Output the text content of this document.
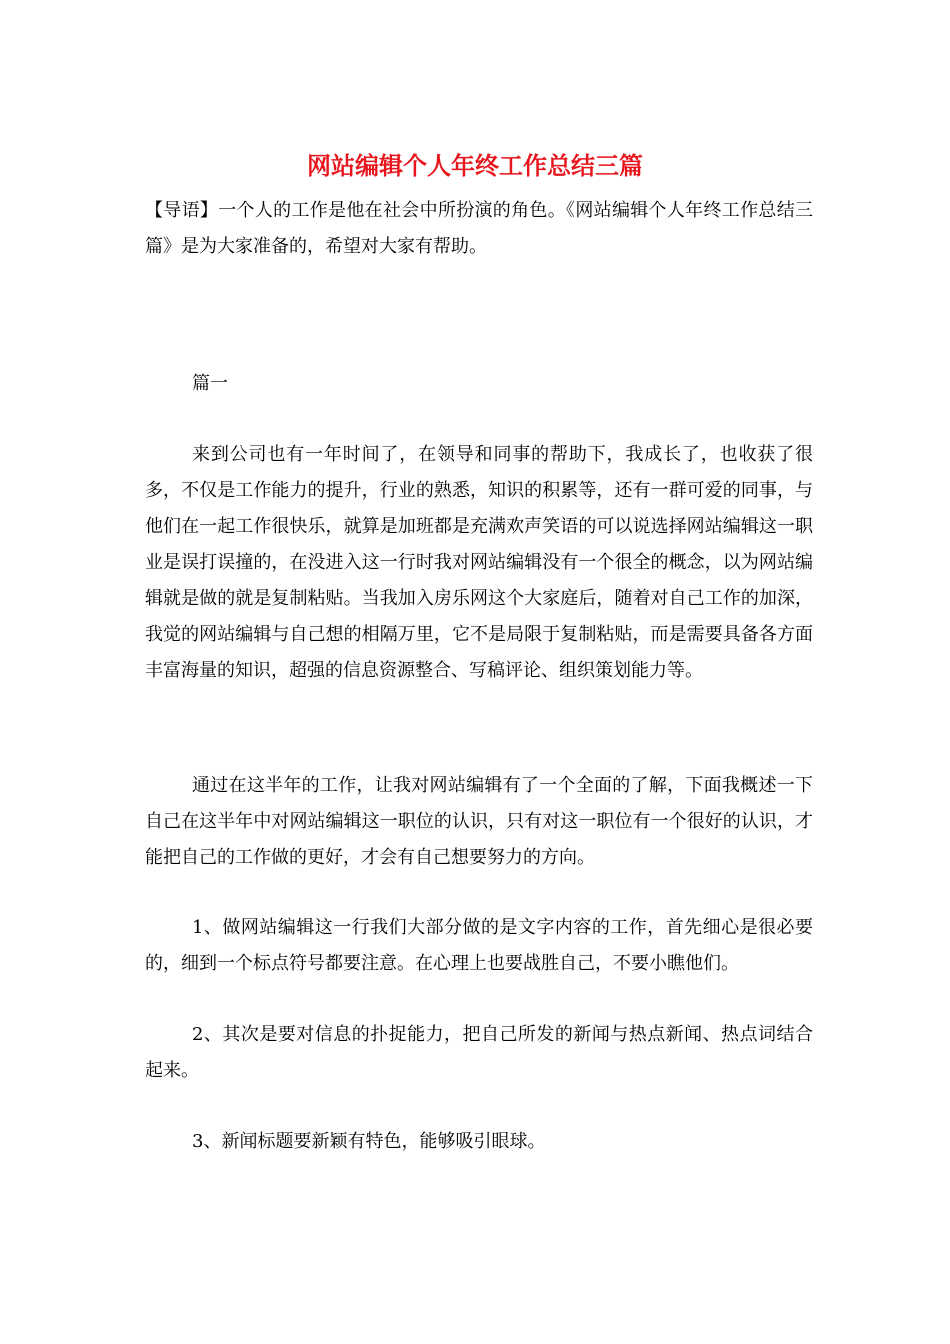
网站编辑个人年终工作总结三篇

【导语】一个人的工作是他在社会中所扮演的角色。《网站编辑个人年终工作总结三篇》是为大家准备的，希望对大家有帮助。

篇一

来到公司也有一年时间了，在领导和同事的帮助下，我成长了，也收获了很多，不仅是工作能力的提升，行业的熟悉，知识的积累等，还有一群可爱的同事，与他们在一起工作很快乐，就算是加班都是充满欢声笑语的可以说选择网站编辑这一职业是误打误撞的，在没进入这一行时我对网站编辑没有一个很全的概念，以为网站编辑就是做的就是复制粘贴。当我加入房乐网这个大家庭后，随着对自己工作的加深，我觉的网站编辑与自己想的相隔万里，它不是局限于复制粘贴，而是需要具备各方面丰富海量的知识，超强的信息资源整合、写稿评论、组织策划能力等。

通过在这半年的工作，让我对网站编辑有了一个全面的了解，下面我概述一下自己在这半年中对网站编辑这一职位的认识，只有对这一职位有一个很好的认识，才能把自己的工作做的更好，才会有自己想要努力的方向。

1、做网站编辑这一行我们大部分做的是文字内容的工作，首先细心是很必要的，细到一个标点符号都要注意。在心理上也要战胜自己，不要小瞧他们。

2、其次是要对信息的扑捉能力，把自己所发的新闻与热点新闻、热点词结合起来。

3、新闻标题要新颖有特色，能够吸引眼球。
